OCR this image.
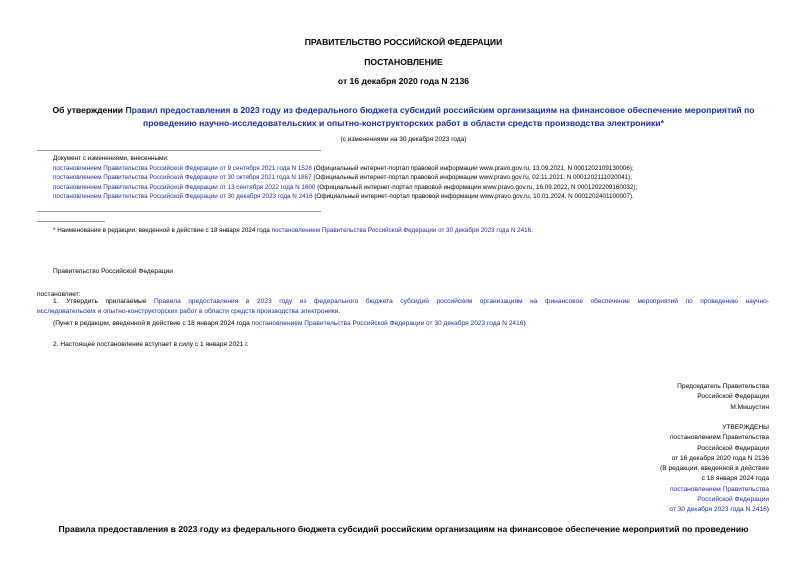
ПРАВИТЕЛЬСТВО РОССИЙСКОЙ ФЕДЕРАЦИИ
ПОСТАНОВЛЕНИЕ
от 16 декабря 2020 года N 2136
Об утверждении Правил предоставления в 2023 году из федерального бюджета субсидий российским организациям на финансовое обеспечение мероприятий по
проведению научно-исследовательских и опытно-конструкторских работ в области средств производства электроники*
(с изменениями на 30 декабря 2023 года)
Документ с изменениями, внесенными:
постановлением Правительства Российской Федерации от 9 сентября 2021 года N 1528 (Официальный интернет-портал правовой информации www.pravo.gov.ru, 13.09.2021, N 0001202109130006);
постановлением Правительства Российской Федерации от 30 октября 2021 года N 1867 (Официальный интернет-портал правовой информации www.pravo.gov.ru, 02.11.2021, N 0001202111020041);
постановлением Правительства Российской Федерации от 13 сентября 2022 года N 1600 (Официальный интернет-портал правовой информации www.pravo.gov.ru, 16.09.2022, N 0001202209160032);
постановлением Правительства Российской Федерации от 30 декабря 2023 года N 2416 (Официальный интернет-портал правовой информации www.pravo.gov.ru, 10.01.2024, N 0001202401100007).
* Наименование в редакции, введенной в действие с 18 января 2024 года постановлением Правительства Российской Федерации от 30 декабря 2023 года N 2416.
Правительство Российской Федерации
постановляет:
1. Утвердить прилагаемые Правила предоставления в 2023 году из федерального бюджета субсидий российским организациям на финансовое обеспечение мероприятий по проведению научно-
исследовательских и опытно-конструкторских работ в области средств производства электроники.
(Пункт в редакции, введенной в действие с 18 января 2024 года постановлением Правительства Российской Федерации от 30 декабря 2023 года N 2416)
2. Настоящее постановление вступает в силу с 1 января 2021 г.
Председатель Правительства
Российской Федерации
М.Мишустин
УТВЕРЖДЕНЫ
постановлением Правительства
Российской Федерации
от 16 декабря 2020 года N 2136
(В редакции, введенной в действие
с 18 января 2024 года
постановлением Правительства
Российской Федерации
от 30 декабря 2023 года N 2416)
Правила предоставления в 2023 году из федерального бюджета субсидий российским организациям на финансовое обеспечение мероприятий по проведению
